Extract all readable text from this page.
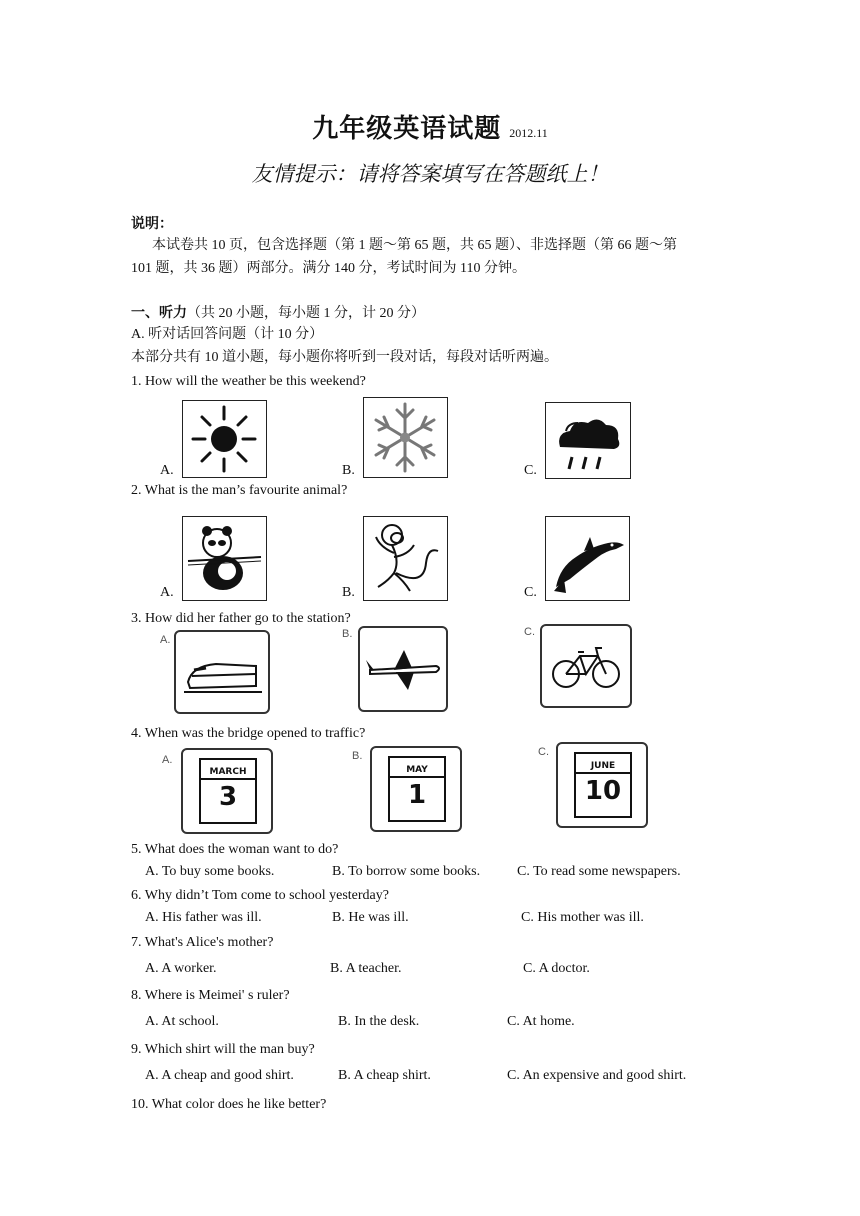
九年级英语试题 2012.11
友情提示：请将答案填写在答题纸上！
说明：
本试卷共 10 页，包含选择题（第 1 题～第 65 题，共 65 题）、非选择题（第 66 题～第
101 题，共 36 题）两部分。满分 140 分，考试时间为 110 分钟。
一、听力（共 20 小题，每小题 1 分，计 20 分）
A. 听对话回答问题（计 10 分）
本部分共有 10 道小题，每小题你将听到一段对话，每段对话听两遍。
1. How will the weather be this weekend?
A.	B.	C.
2. What is the man’s favourite animal?
A.	B.	C.
3. How did her father go to the station?
A.	B.	C.
4. When was the bridge opened to traffic?
A.
MARCH
3
B.
MAY
1
C.
JUNE
10
5. What does the woman want to do?
A. To buy some books.	B. To borrow some books.	C. To read some newspapers.
6. Why didn’t Tom come to school yesterday?
A. His father was ill.	B. He was ill.	C. His mother was ill.
7. What's Alice's mother?
A. A worker.	B. A teacher.	C. A doctor.
8. Where is Meimei' s ruler?
A. At school.	B. In the desk.	C. At home.
9. Which shirt will the man buy?
A. A cheap and good shirt.	B. A cheap shirt.	C. An expensive and good shirt.
10. What color does he like better?
